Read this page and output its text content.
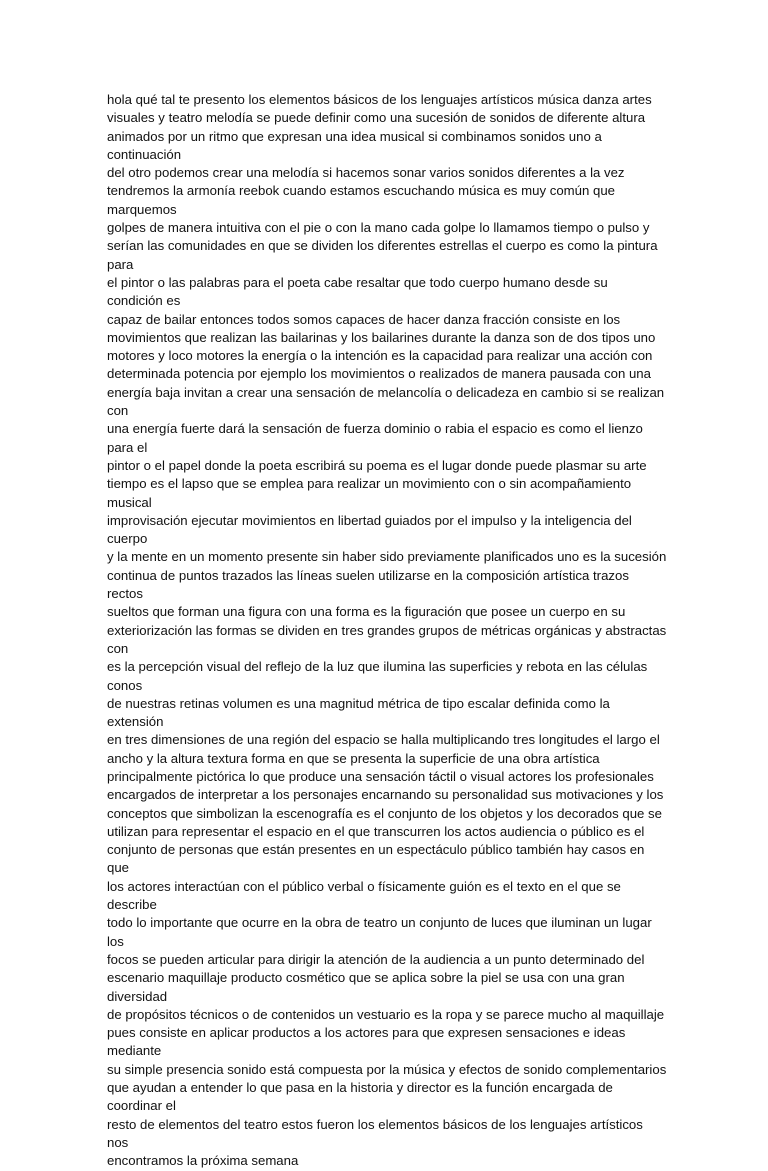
hola qué tal te presento los elementos básicos de los lenguajes artísticos música danza artes
visuales y teatro melodía se puede definir como una sucesión de sonidos de diferente altura
animados por un ritmo que expresan una idea musical si combinamos sonidos uno a continuación
del otro podemos crear una melodía si hacemos sonar varios sonidos diferentes a la vez
tendremos la armonía reebok cuando estamos escuchando música es muy común que marquemos
golpes de manera intuitiva con el pie o con la mano cada golpe lo llamamos tiempo o pulso y
serían las comunidades en que se dividen los diferentes estrellas el cuerpo es como la pintura para
el pintor o las palabras para el poeta cabe resaltar que todo cuerpo humano desde su condición es
capaz de bailar entonces todos somos capaces de hacer danza fracción consiste en los
movimientos que realizan las bailarinas y los bailarines durante la danza son de dos tipos uno
motores y loco motores la energía o la intención es la capacidad para realizar una acción con
determinada potencia por ejemplo los movimientos o realizados de manera pausada con una
energía baja invitan a crear una sensación de melancolía o delicadeza en cambio si se realizan con
una energía fuerte dará la sensación de fuerza dominio o rabia el espacio es como el lienzo para el
pintor o el papel donde la poeta escribirá su poema es el lugar donde puede plasmar su arte
tiempo es el lapso que se emplea para realizar un movimiento con o sin acompañamiento musical
improvisación ejecutar movimientos en libertad guiados por el impulso y la inteligencia del cuerpo
y la mente en un momento presente sin haber sido previamente planificados uno es la sucesión
continua de puntos trazados las líneas suelen utilizarse en la composición artística trazos rectos
sueltos que forman una figura con una forma es la figuración que posee un cuerpo en su
exteriorización las formas se dividen en tres grandes grupos de métricas orgánicas y abstractas con
es la percepción visual del reflejo de la luz que ilumina las superficies y rebota en las células conos
de nuestras retinas volumen es una magnitud métrica de tipo escalar definida como la extensión
en tres dimensiones de una región del espacio se halla multiplicando tres longitudes el largo el
ancho y la altura textura forma en que se presenta la superficie de una obra artística
principalmente pictórica lo que produce una sensación táctil o visual actores los profesionales
encargados de interpretar a los personajes encarnando su personalidad sus motivaciones y los
conceptos que simbolizan la escenografía es el conjunto de los objetos y los decorados que se
utilizan para representar el espacio en el que transcurren los actos audiencia o público es el
conjunto de personas que están presentes en un espectáculo público también hay casos en que
los actores interactúan con el público verbal o físicamente guión es el texto en el que se describe
todo lo importante que ocurre en la obra de teatro un conjunto de luces que iluminan un lugar los
focos se pueden articular para dirigir la atención de la audiencia a un punto determinado del
escenario maquillaje producto cosmético que se aplica sobre la piel se usa con una gran diversidad
de propósitos técnicos o de contenidos un vestuario es la ropa y se parece mucho al maquillaje
pues consiste en aplicar productos a los actores para que expresen sensaciones e ideas mediante
su simple presencia sonido está compuesta por la música y efectos de sonido complementarios
que ayudan a entender lo que pasa en la historia y director es la función encargada de coordinar el
resto de elementos del teatro estos fueron los elementos básicos de los lenguajes artísticos nos
encontramos la próxima semana
